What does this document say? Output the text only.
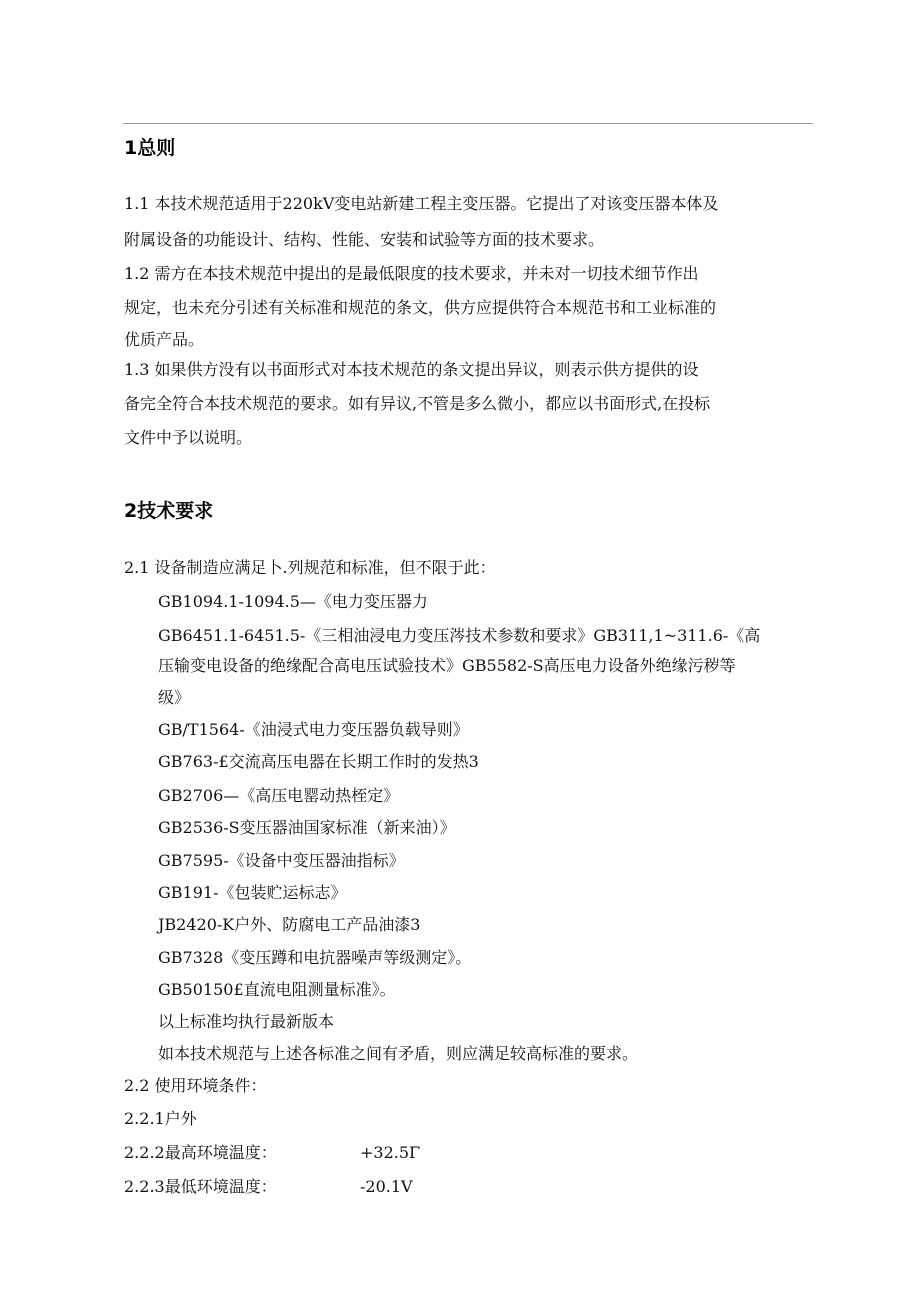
1总则
1.1 本技术规范适用于220kV变电站新建工程主变压器。它提出了对该变压器本体及
附属设备的功能设计、结构、性能、安装和试验等方面的技术要求。
1.2 需方在本技术规范中提出的是最低限度的技术要求，并未对一切技术细节作出
规定，也未充分引述有关标准和规范的条文，供方应提供符合本规范书和工业标准的
优质产品。
1.3 如果供方没有以书面形式对本技术规范的条文提出异议，则表示供方提供的设
备完全符合本技术规范的要求。如有异议,不管是多么微小，都应以书面形式,在投标
文件中予以说明。
2技术要求
2.1 设备制造应满足卜.列规范和标准，但不限于此：
GB1094.1-1094.5—《电力变压器力
GB6451.1-6451.5-《三相油浸电力变压涔技术参数和要求》GB311,1~311.6-《高
压输变电设备的绝缘配合高电压试验技术》GB5582-S高压电力设备外绝缘污秽等
级》
GB/T1564-《油浸式电力变压器负载导则》
GB763-£交流高压电器在长期工作时的发热3
GB2706—《高压电罂动热桎定》
GB2536-S变压器油国家标准（新来油）》
GB7595-《设备中变压器油指标》
GB191-《包装贮运标志》
JB2420-K户外、防腐电工产品油漆3
GB7328《变压蹲和电抗器噪声等级测定》。
GB50150£直流电阻测量标准》。
以上标准均执行最新版本
如本技术规范与上述各标准之间有矛盾，则应满足较高标准的要求。
2.2 使用环境条件：
2.2.1户外
2.2.2最高环境温度：	+32.5Γ
2.2.3最低环境温度：	-20.1V
